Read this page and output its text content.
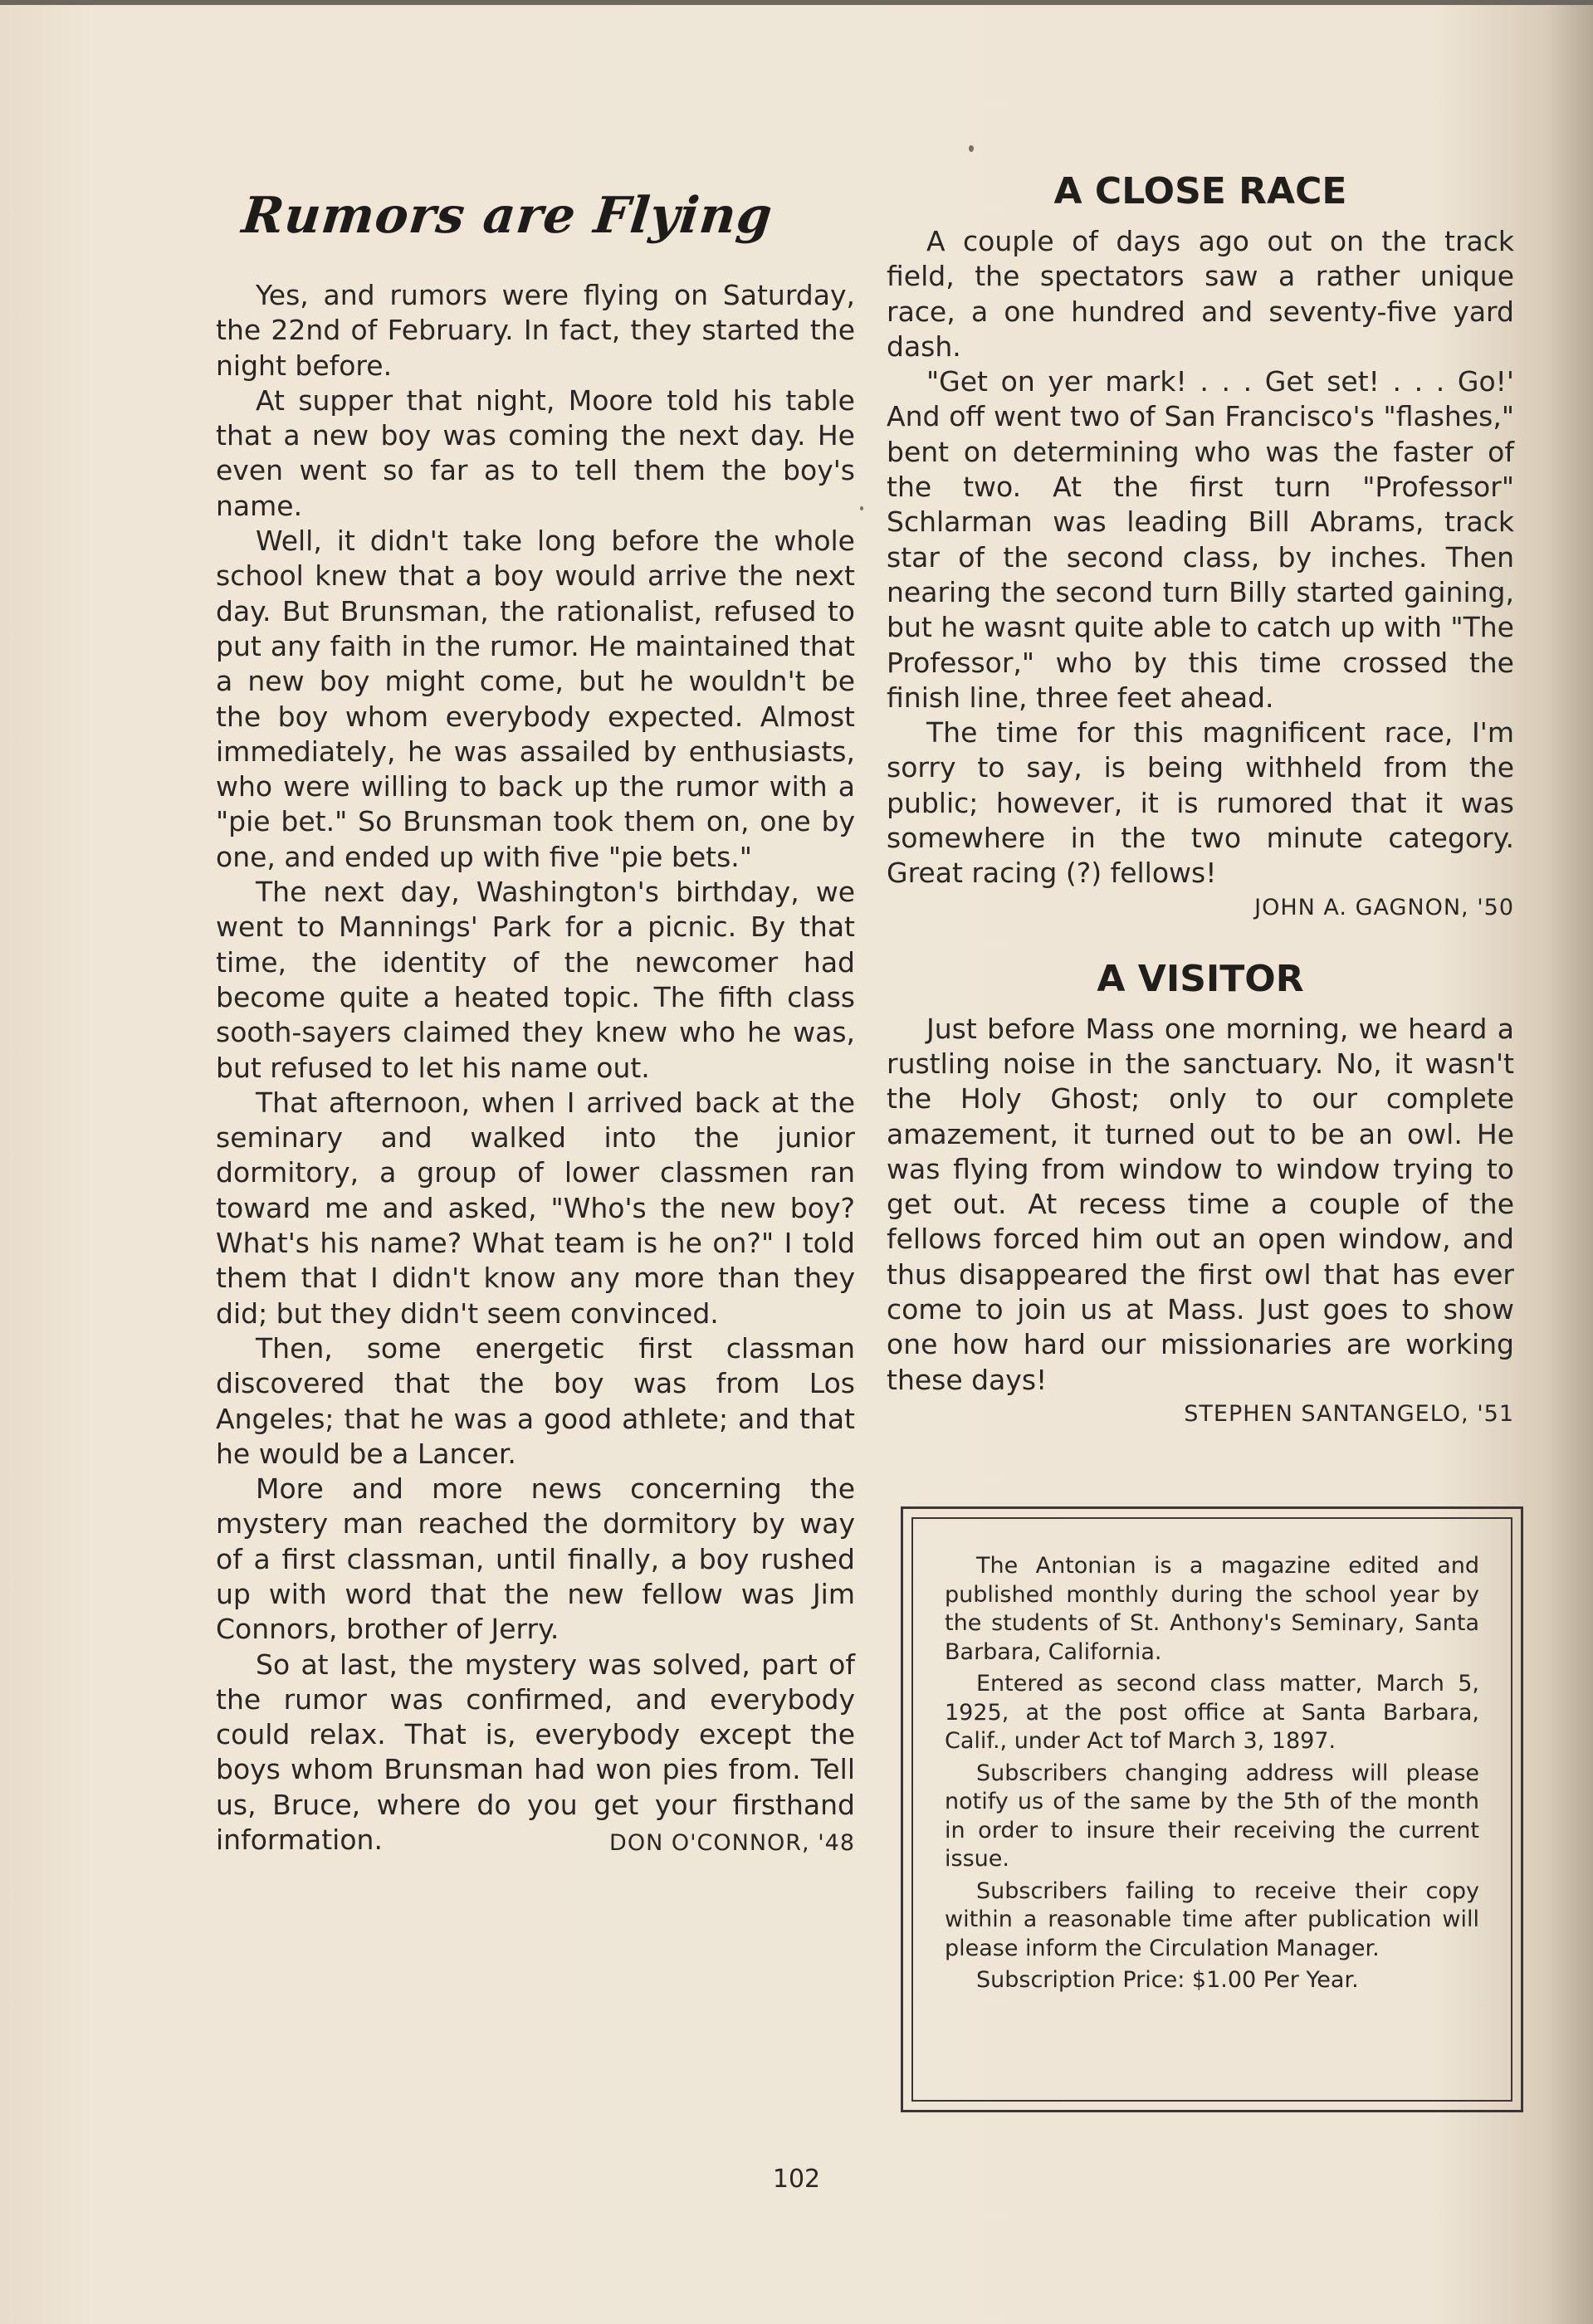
Rumors are Flying

Yes, and rumors were flying on Saturday, the 22nd of February. In fact, they started the night before.

At supper that night, Moore told his table that a new boy was coming the next day. He even went so far as to tell them the boy's name.

Well, it didn't take long before the whole school knew that a boy would arrive the next day. But Brunsman, the rationalist, refused to put any faith in the rumor. He maintained that a new boy might come, but he wouldn't be the boy whom everybody expected. Almost immediately, he was assailed by enthusiasts, who were willing to back up the rumor with a "pie bet." So Brunsman took them on, one by one, and ended up with five "pie bets."

The next day, Washington's birthday, we went to Mannings' Park for a picnic. By that time, the identity of the newcomer had become quite a heated topic. The fifth class sooth-sayers claimed they knew who he was, but refused to let his name out.

That afternoon, when I arrived back at the seminary and walked into the junior dormitory, a group of lower classmen ran toward me and asked, "Who's the new boy? What's his name? What team is he on?" I told them that I didn't know any more than they did; but they didn't seem convinced.

Then, some energetic first classman discovered that the boy was from Los Angeles; that he was a good athlete; and that he would be a Lancer.

More and more news concerning the mystery man reached the dormitory by way of a first classman, until finally, a boy rushed up with word that the new fellow was Jim Connors, brother of Jerry.

So at last, the mystery was solved, part of the rumor was confirmed, and everybody could relax. That is, everybody except the boys whom Brunsman had won pies from. Tell us, Bruce, where do you get your firsthand information.	DON O'CONNOR, '48

A CLOSE RACE

A couple of days ago out on the track field, the spectators saw a rather unique race, a one hundred and seventy-five yard dash.

"Get on yer mark! . . . Get set! . . . Go!' And off went two of San Francisco's "flashes," bent on determining who was the faster of the two. At the first turn "Professor" Schlarman was leading Bill Abrams, track star of the second class, by inches. Then nearing the second turn Billy started gaining, but he wasnt quite able to catch up with "The Professor," who by this time crossed the finish line, three feet ahead.

The time for this magnificent race, I'm sorry to say, is being withheld from the public; however, it is rumored that it was somewhere in the two minute category. Great racing (?) fellows!

JOHN A. GAGNON, '50

A VISITOR

Just before Mass one morning, we heard a rustling noise in the sanctuary. No, it wasn't the Holy Ghost; only to our complete amazement, it turned out to be an owl. He was flying from window to window trying to get out. At recess time a couple of the fellows forced him out an open window, and thus disappeared the first owl that has ever come to join us at Mass. Just goes to show one how hard our missionaries are working these days!

STEPHEN SANTANGELO, '51

The Antonian is a magazine edited and published monthly during the school year by the students of St. Anthony's Seminary, Santa Barbara, California.

Entered as second class matter, March 5, 1925, at the post office at Santa Barbara, Calif., under Act tof March 3, 1897.

Subscribers changing address will please notify us of the same by the 5th of the month in order to insure their receiving the current issue.

Subscribers failing to receive their copy within a reasonable time after publication will please inform the Circulation Manager.

Subscription Price: $1.00 Per Year.

102
